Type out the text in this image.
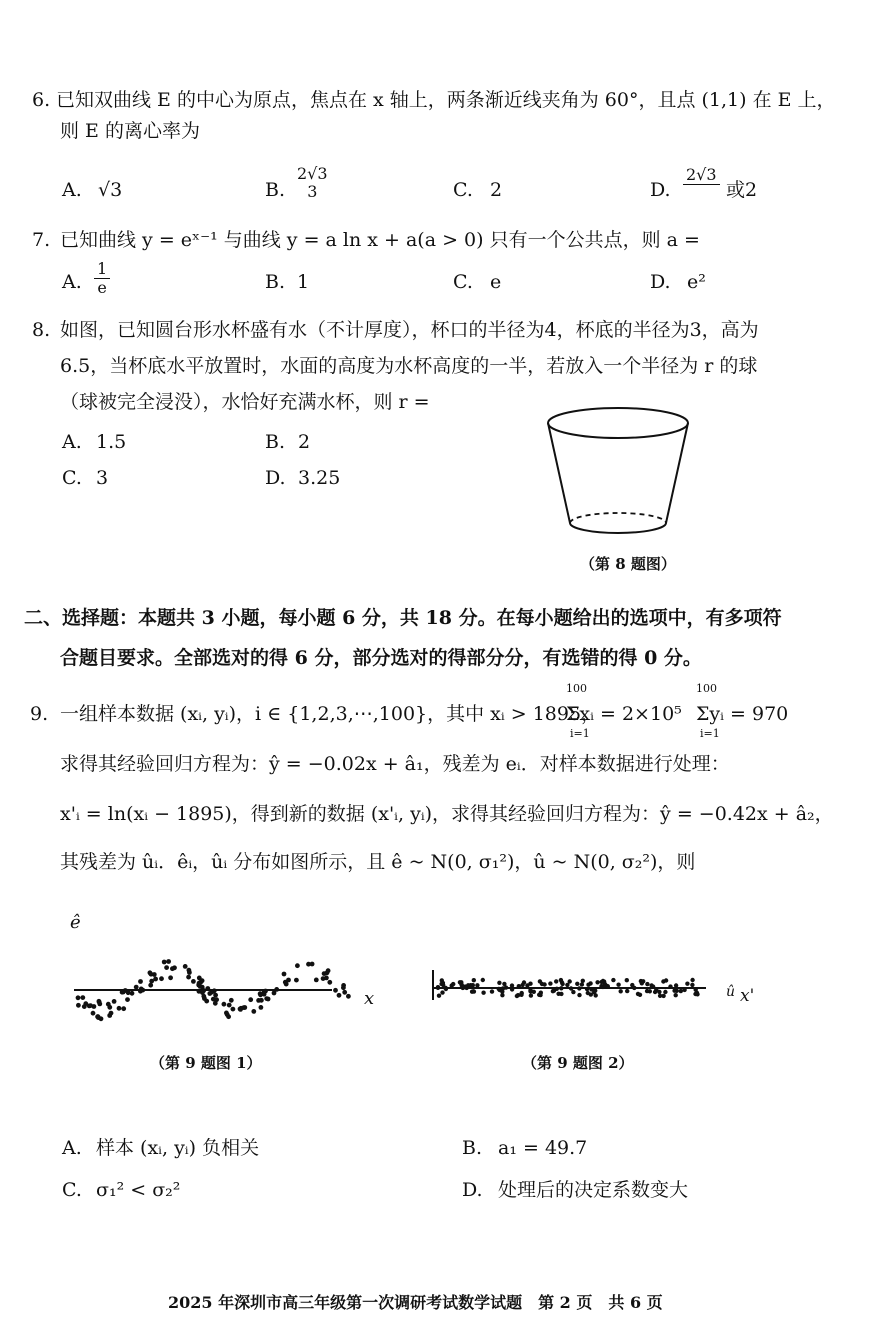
6. 已知双曲线 E 的中心为原点，焦点在 x 轴上，两条渐近线夹角为 60°，且点 (1,1) 在 E 上，
则 E 的离心率为
A. √3	B.
2√3
3	C. 2	D.
2√3
或2
7. 已知曲线 y = eˣ⁻¹ 与曲线 y = a ln x + a(a > 0) 只有一个公共点，则 a =
A. $\frac{1}{e}$	B. 1	C. e	D. e²
8. 如图，已知圆台形水杯盛有水（不计厚度），杯口的半径为4，杯底的半径为3，高为
6.5，当杯底水平放置时，水面的高度为水杯高度的一半，若放入一个半径为 r 的球
（球被完全浸没），水恰好充满水杯，则 r =
A. 1.5	B. 2
C. 3	D. 3.25
（第 8 题图）
二、选择题：本题共 3 小题，每小题 6 分，共 18 分。在每小题给出的选项中，有多项符
合题目要求。全部选对的得 6 分，部分选对的得部分分，有选错的得 0 分。
9. 一组样本数据 (xᵢ, yᵢ)，i ∈ {1,2,3,⋯,100}，其中 xᵢ > 1895，
100
i=1
Σxᵢ = 2×10⁵
100
i=1
Σyᵢ = 970
求得其经验回归方程为：ŷ = −0.02x + â₁，残差为 eᵢ．对样本数据进行处理：
x'ᵢ = ln(xᵢ − 1895)，得到新的数据 (x'ᵢ, yᵢ)，求得其经验回归方程为：ŷ = −0.42x + â₂，
其残差为 ûᵢ．êᵢ，ûᵢ 分布如图所示，且 ê ~ N(0, σ₁²)，û ~ N(0, σ₂²)，则
ê
x
（第 9 题图 1）
û x'
（第 9 题图 2）
A. 样本 (xᵢ, yᵢ) 负相关	B. a₁ = 49.7
C. σ₁² < σ₂²	D. 处理后的决定系数变大
2025 年深圳市高三年级第一次调研考试数学试题　第 2 页　共 6 页
